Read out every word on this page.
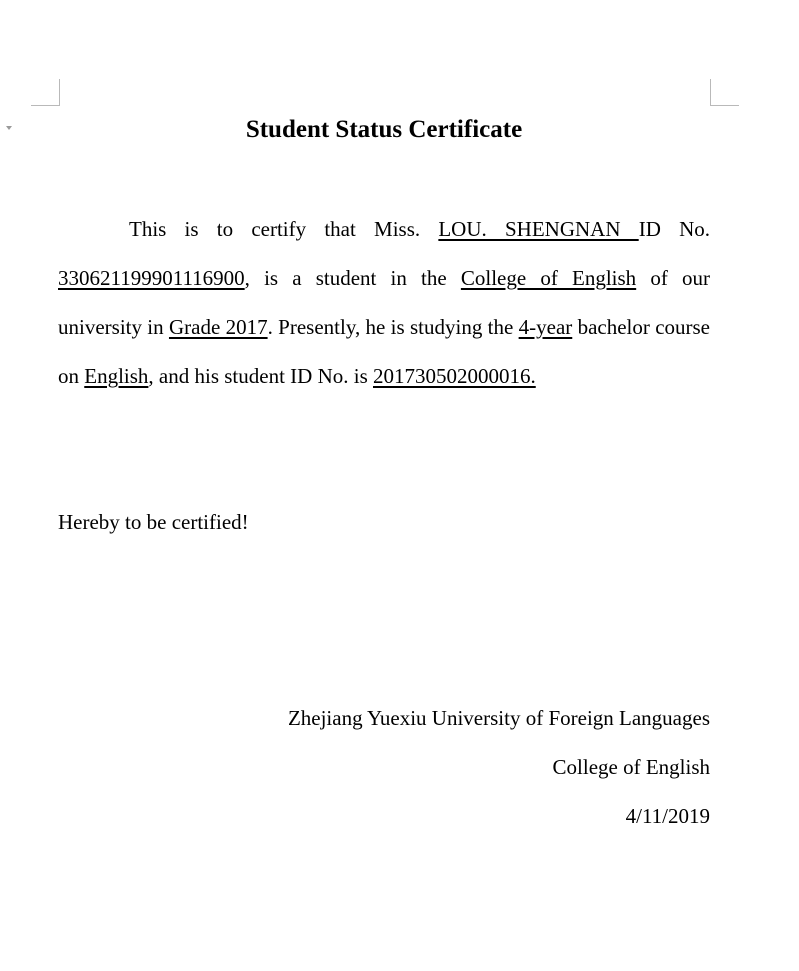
Student Status Certificate

This is to certify that Miss. LOU. SHENGNAN ID No. 330621199901116900, is a student in the College of English of our university in Grade 2017. Presently, he is studying the 4-year bachelor course on English, and his student ID No. is 201730502000016.

Hereby to be certified!
Zhejiang Yuexiu University of Foreign Languages
College of English
4/11/2019
